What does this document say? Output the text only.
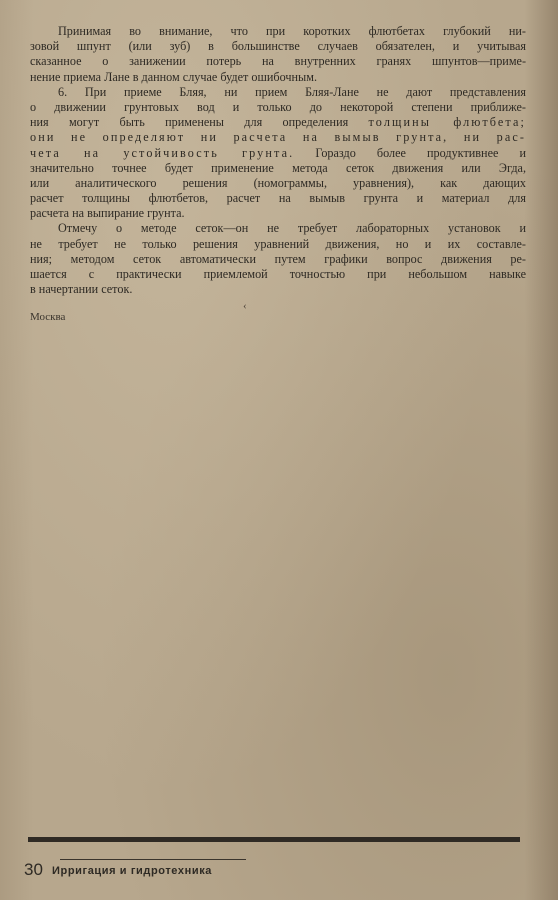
Принимая во внимание, что при коротких флютбетах глубокий ни-
зовой шпунт (или зуб) в большинстве случаев обязателен, и учитывая
сказанное о занижении потерь на внутренних гранях шпунтов—приме-
нение приема Лане в данном случае будет ошибочным.
6. При приеме Бляя, ни прием Бляя-Лане не дают представления
о движении грунтовых вод и только до некоторой степени приближе-
ния могут быть применены для определения толщины флютбета;
они не определяют ни расчета на вымыв грунта, ни рас-
чета на устойчивость грунта. Гораздо более продуктивнее и
значительно точнее будет применение метода сеток движения или Эгда,
или аналитического решения (номограммы, уравнения), как дающих
расчет толщины флютбетов, расчет на вымыв грунта и материал для
расчета на выпирание грунта.
Отмечу о методе сеток—он не требует лабораторных установок и
не требует не только решения уравнений движения, но и их составле-
ния; методом сеток автоматически путем графики вопрос движения ре-
шается с практически приемлемой точностью при небольшом навыке
в начертании сеток.
‹
Москва
30 Ирригация и гидротехника
